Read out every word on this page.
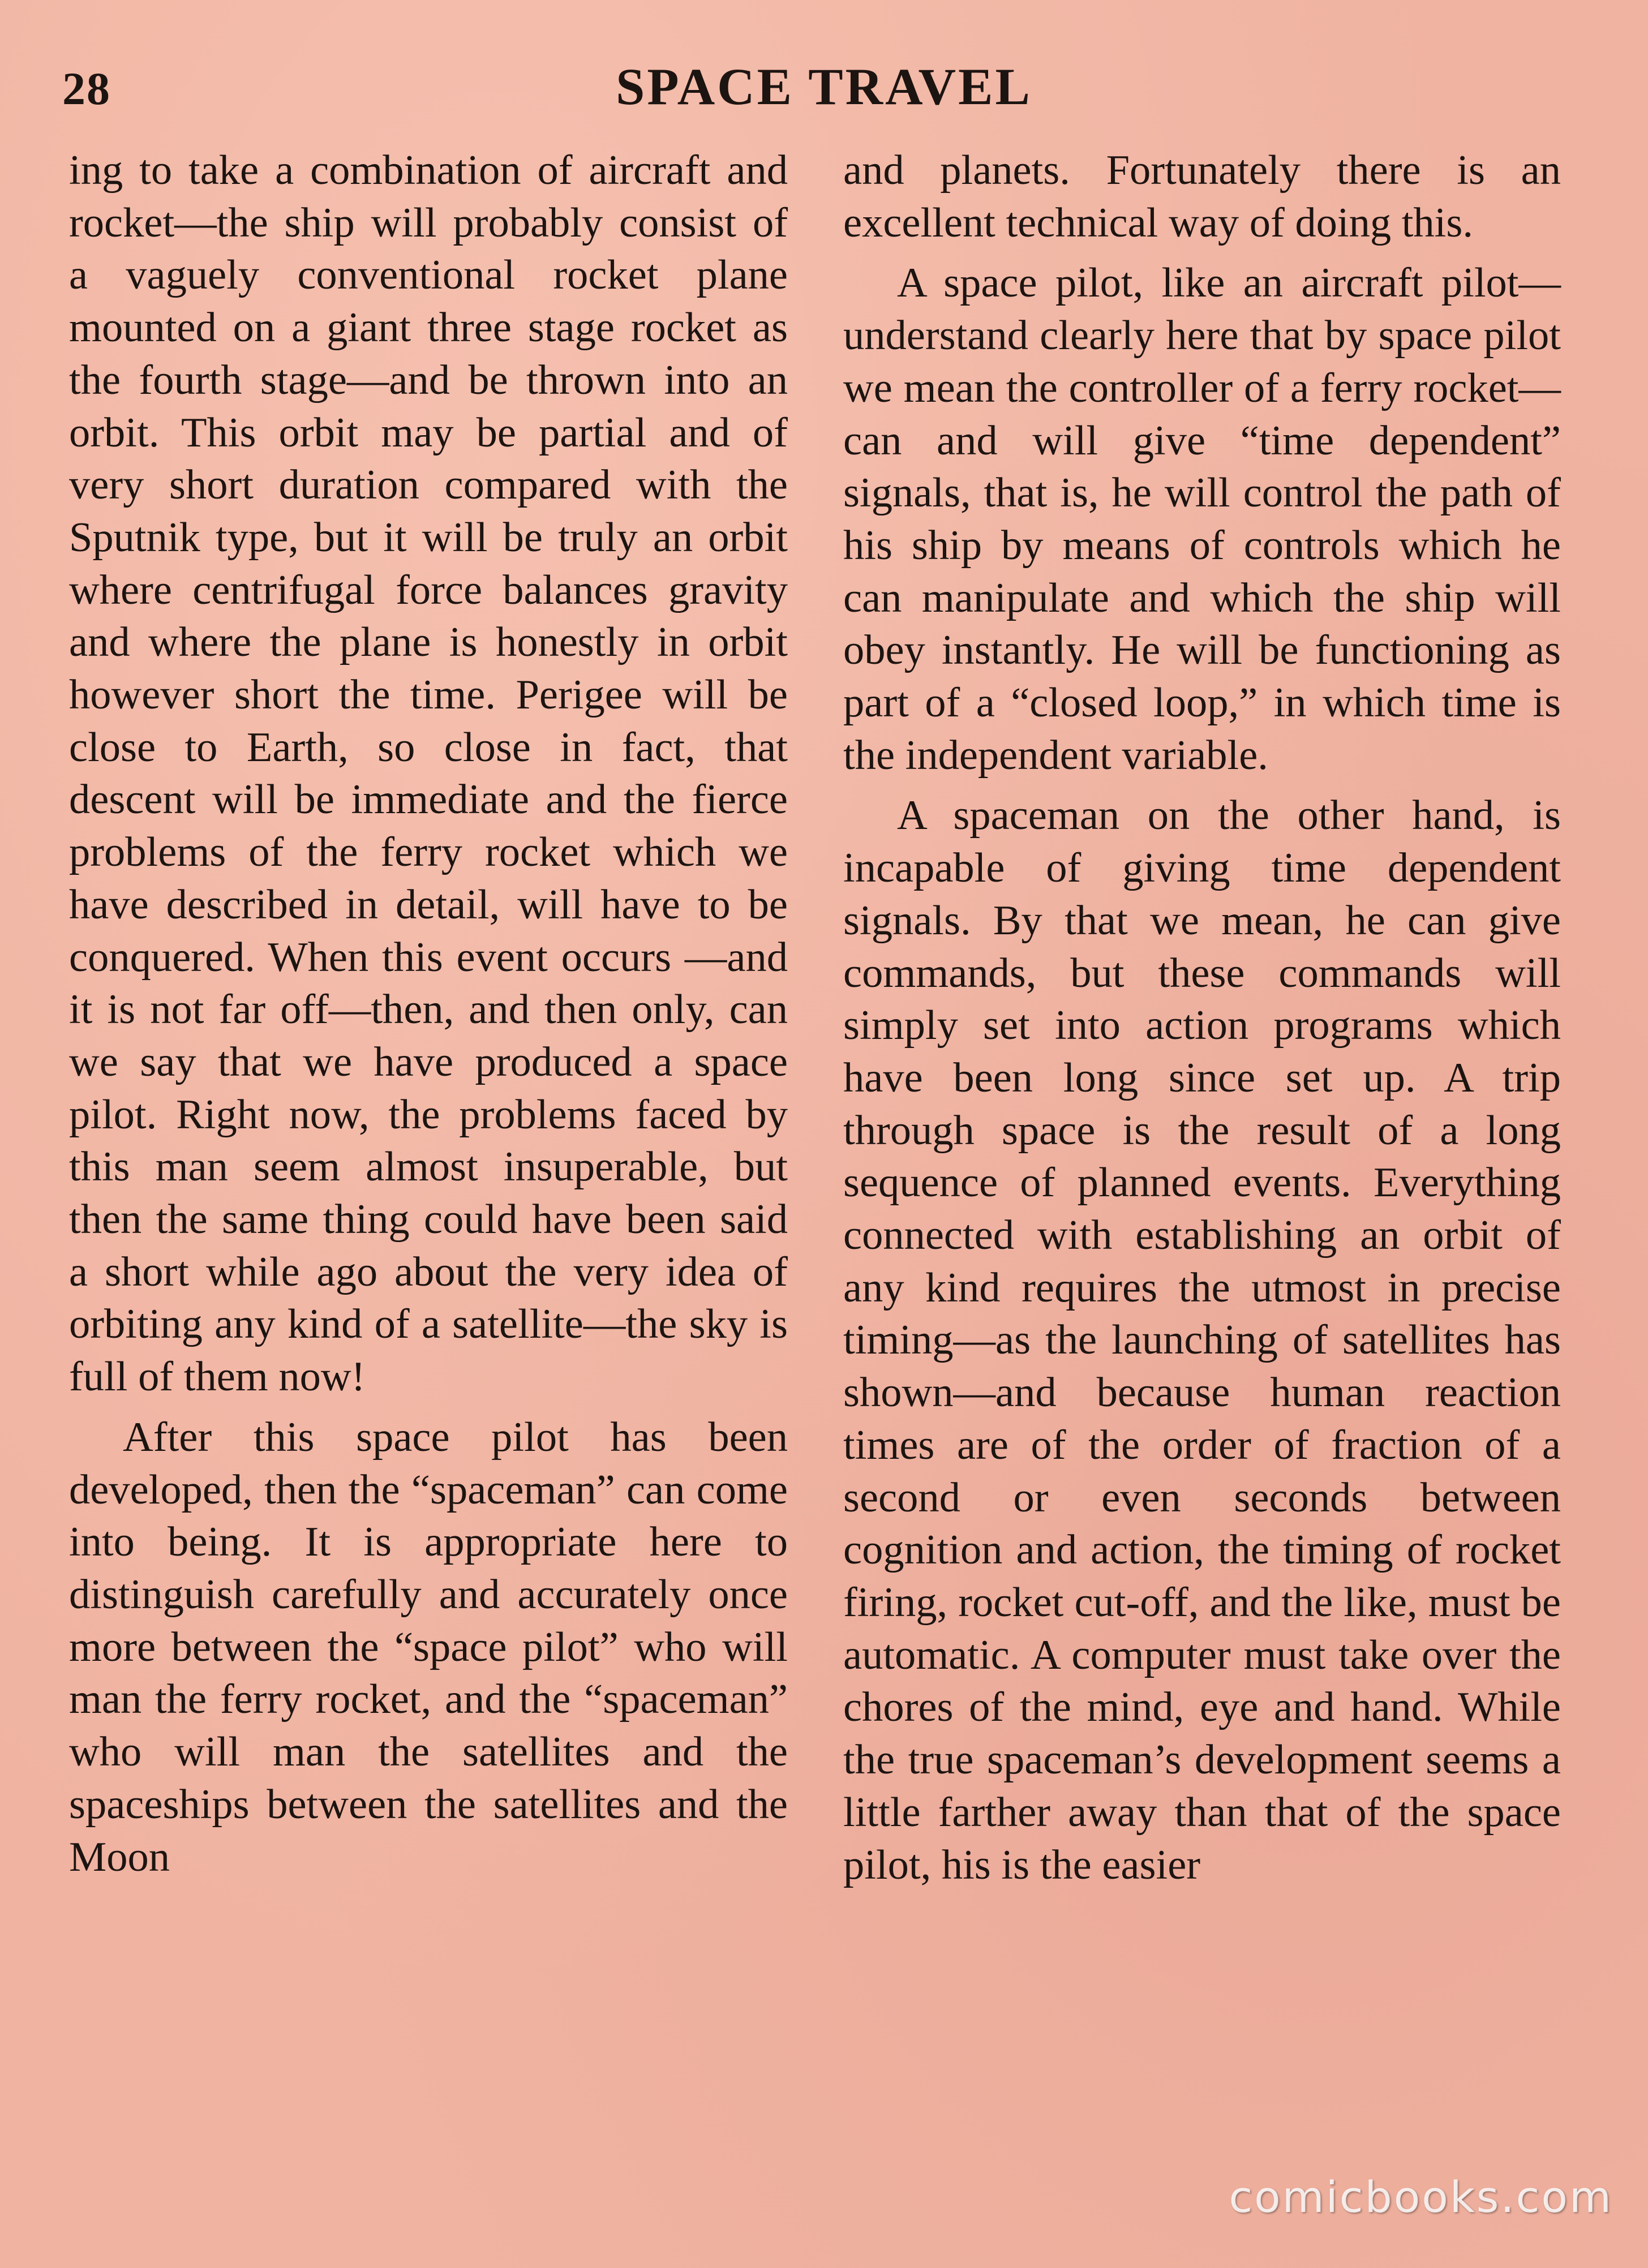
28	SPACE TRAVEL

ing to take a combination of aircraft and rocket—the ship will probably consist of a vaguely conventional rocket plane mounted on a giant three stage rocket as the fourth stage—and be thrown into an orbit. This orbit may be partial and of very short duration compared with the Sputnik type, but it will be truly an orbit where centrifugal force balances gravity and where the plane is honestly in orbit however short the time. Perigee will be close to Earth, so close in fact, that descent will be immediate and the fierce problems of the ferry rocket which we have described in detail, will have to be conquered. When this event occurs —and it is not far off—then, and then only, can we say that we have produced a space pilot. Right now, the problems faced by this man seem almost insuperable, but then the same thing could have been said a short while ago about the very idea of orbiting any kind of a satellite—the sky is full of them now!

After this space pilot has been developed, then the “spaceman” can come into being. It is appropriate here to distinguish carefully and accurately once more between the “space pilot” who will man the ferry rocket, and the “spaceman” who will man the satellites and the spaceships between the satellites and the Moon

and planets. Fortunately there is an excellent technical way of doing this.

A space pilot, like an aircraft pilot—understand clearly here that by space pilot we mean the controller of a ferry rocket—can and will give “time dependent” signals, that is, he will control the path of his ship by means of controls which he can manipulate and which the ship will obey instantly. He will be functioning as part of a “closed loop,” in which time is the independent variable.

A spaceman on the other hand, is incapable of giving time dependent signals. By that we mean, he can give commands, but these commands will simply set into action programs which have been long since set up. A trip through space is the result of a long sequence of planned events. Everything connected with establishing an orbit of any kind requires the utmost in precise timing—as the launching of satellites has shown—and because human reaction times are of the order of fraction of a second or even seconds between cognition and action, the timing of rocket firing, rocket cut-off, and the like, must be automatic. A computer must take over the chores of the mind, eye and hand. While the true spaceman’s development seems a little farther away than that of the space pilot, his is the easier

comicbooks.com
